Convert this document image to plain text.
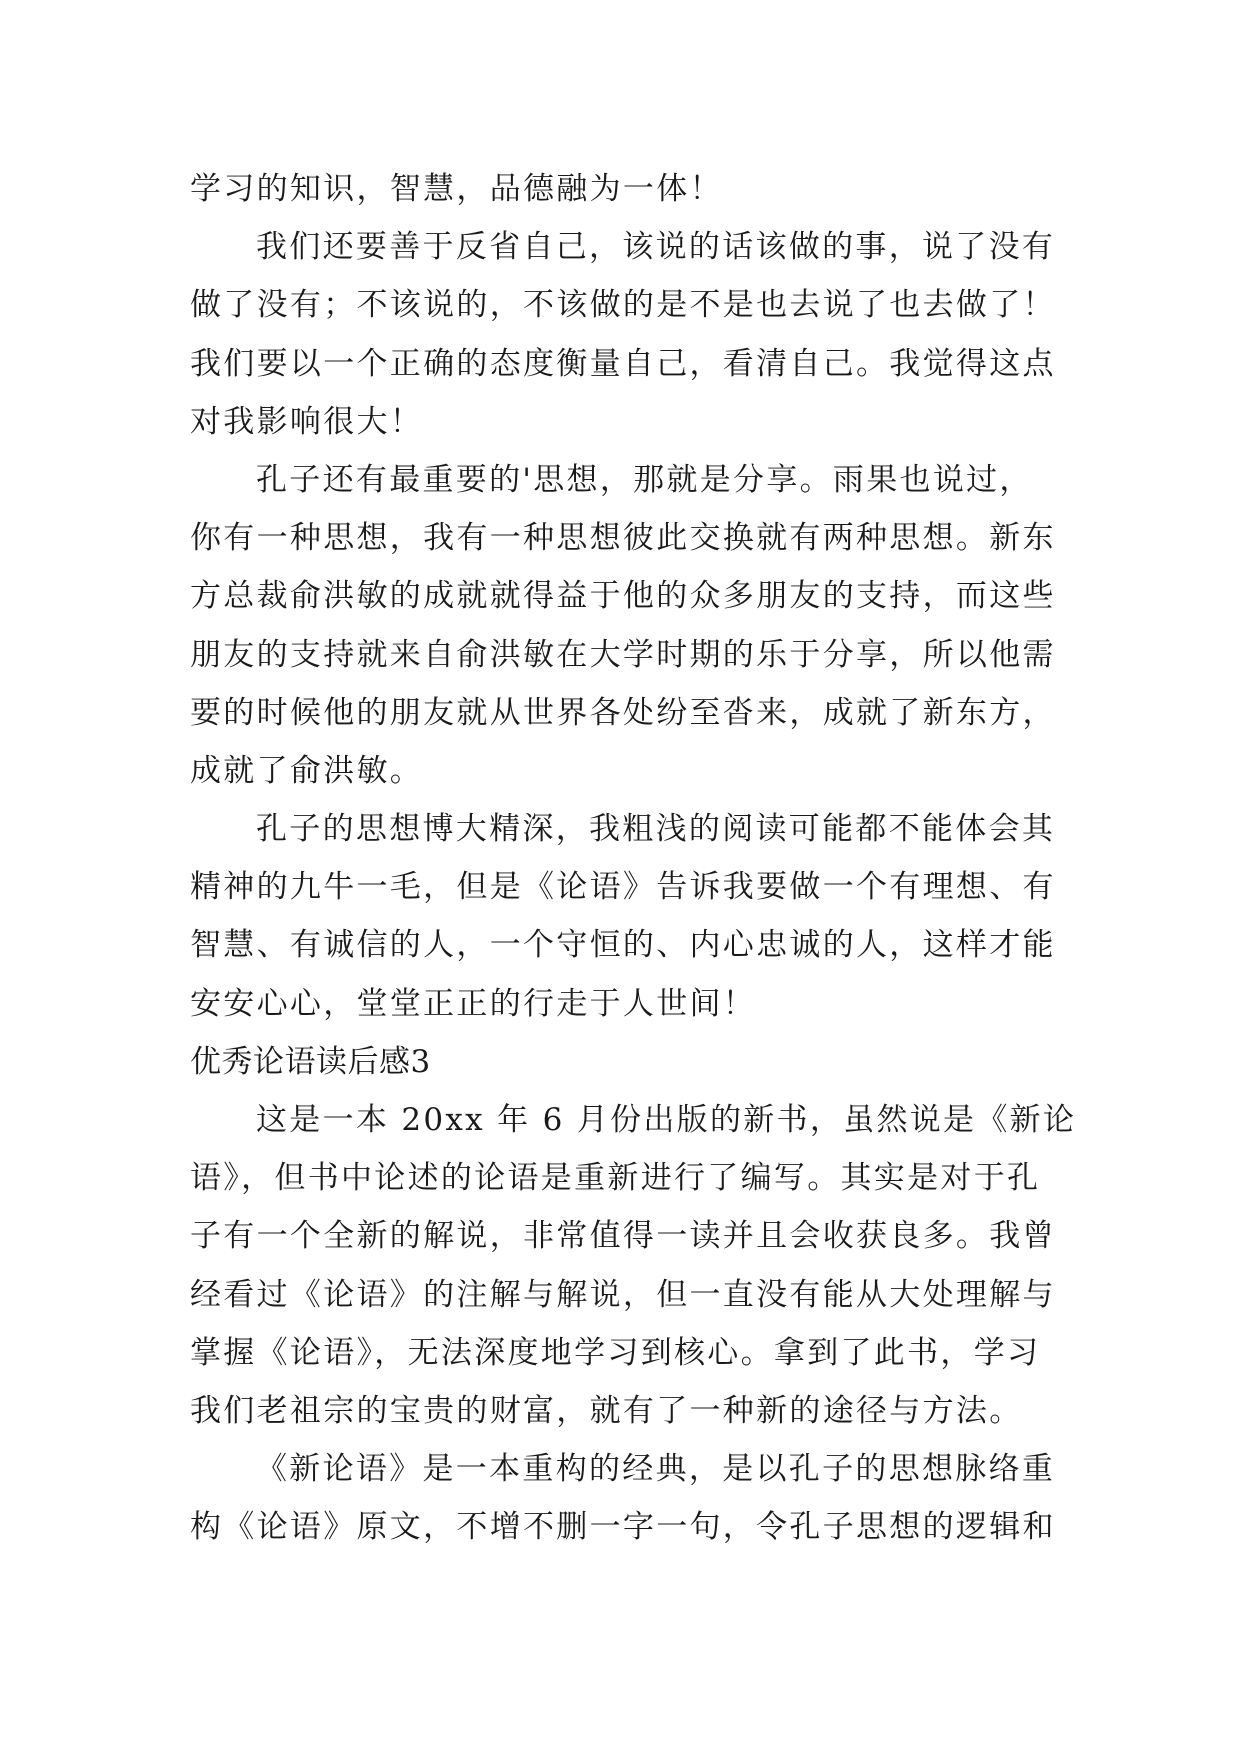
学习的知识，智慧，品德融为一体！
我们还要善于反省自己，该说的话该做的事，说了没有
做了没有；不该说的，不该做的是不是也去说了也去做了！
我们要以一个正确的态度衡量自己，看清自己。我觉得这点
对我影响很大！
孔子还有最重要的'思想，那就是分享。雨果也说过，
你有一种思想，我有一种思想彼此交换就有两种思想。新东
方总裁俞洪敏的成就就得益于他的众多朋友的支持，而这些
朋友的支持就来自俞洪敏在大学时期的乐于分享，所以他需
要的时候他的朋友就从世界各处纷至沓来，成就了新东方，
成就了俞洪敏。
孔子的思想博大精深，我粗浅的阅读可能都不能体会其
精神的九牛一毛，但是《论语》告诉我要做一个有理想、有
智慧、有诚信的人，一个守恒的、内心忠诚的人，这样才能
安安心心，堂堂正正的行走于人世间！
优秀论语读后感3
这是一本 20xx 年 6 月份出版的新书，虽然说是《新论
语》，但书中论述的论语是重新进行了编写。其实是对于孔
子有一个全新的解说，非常值得一读并且会收获良多。我曾
经看过《论语》的注解与解说，但一直没有能从大处理解与
掌握《论语》，无法深度地学习到核心。拿到了此书，学习
我们老祖宗的宝贵的财富，就有了一种新的途径与方法。
《新论语》是一本重构的经典，是以孔子的思想脉络重
构《论语》原文，不增不删一字一句，令孔子思想的逻辑和
